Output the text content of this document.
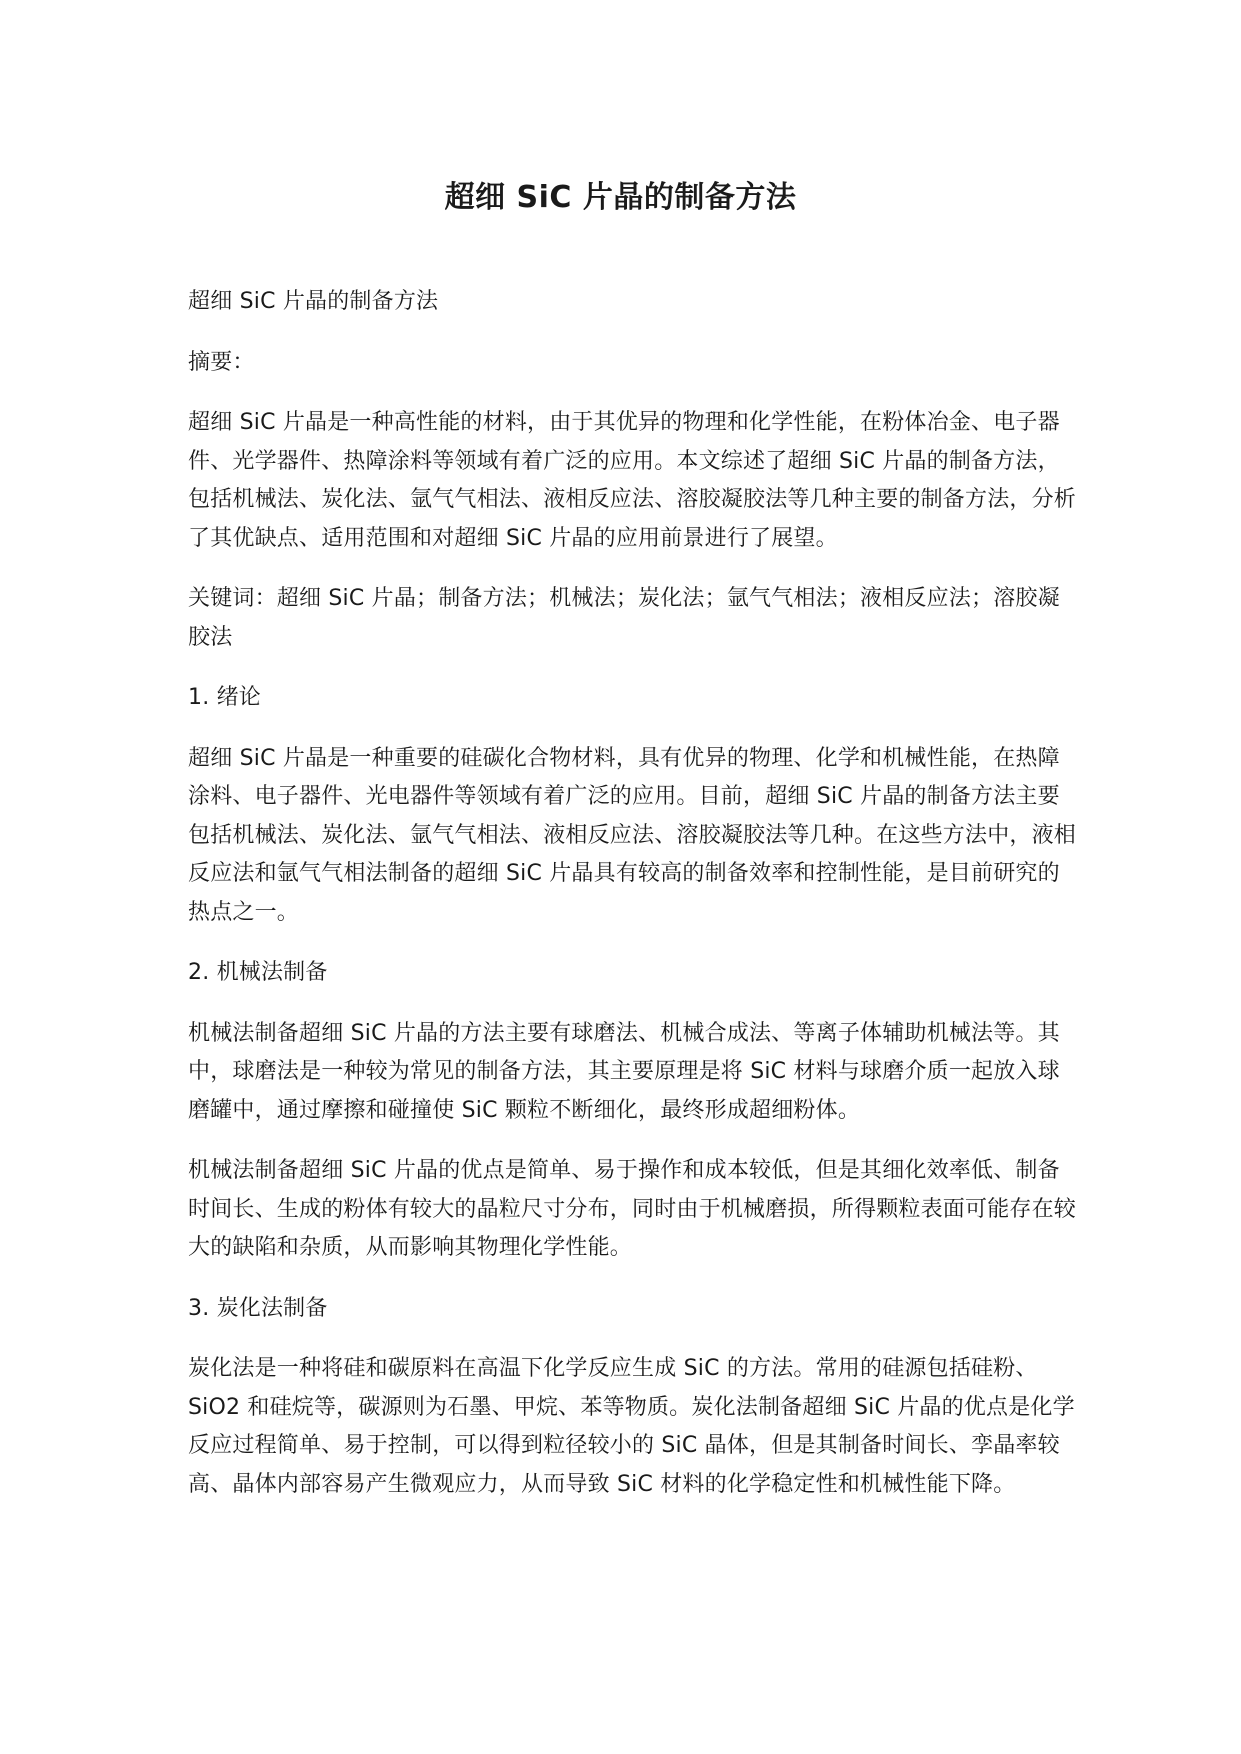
超细 SiC 片晶的制备方法

超细 SiC 片晶的制备方法

摘要：

超细 SiC 片晶是一种高性能的材料，由于其优异的物理和化学性能，在粉体冶金、电子器件、光学器件、热障涂料等领域有着广泛的应用。本文综述了超细 SiC 片晶的制备方法，包括机械法、炭化法、氩气气相法、液相反应法、溶胶凝胶法等几种主要的制备方法，分析了其优缺点、适用范围和对超细 SiC 片晶的应用前景进行了展望。

关键词：超细 SiC 片晶；制备方法；机械法；炭化法；氩气气相法；液相反应法；溶胶凝胶法

1. 绪论

超细 SiC 片晶是一种重要的硅碳化合物材料，具有优异的物理、化学和机械性能，在热障涂料、电子器件、光电器件等领域有着广泛的应用。目前，超细 SiC 片晶的制备方法主要包括机械法、炭化法、氩气气相法、液相反应法、溶胶凝胶法等几种。在这些方法中，液相反应法和氩气气相法制备的超细 SiC 片晶具有较高的制备效率和控制性能，是目前研究的热点之一。

2. 机械法制备

机械法制备超细 SiC 片晶的方法主要有球磨法、机械合成法、等离子体辅助机械法等。其中，球磨法是一种较为常见的制备方法，其主要原理是将 SiC 材料与球磨介质一起放入球磨罐中，通过摩擦和碰撞使 SiC 颗粒不断细化，最终形成超细粉体。

机械法制备超细 SiC 片晶的优点是简单、易于操作和成本较低，但是其细化效率低、制备时间长、生成的粉体有较大的晶粒尺寸分布，同时由于机械磨损，所得颗粒表面可能存在较大的缺陷和杂质，从而影响其物理化学性能。

3. 炭化法制备

炭化法是一种将硅和碳原料在高温下化学反应生成 SiC 的方法。常用的硅源包括硅粉、SiO2 和硅烷等，碳源则为石墨、甲烷、苯等物质。炭化法制备超细 SiC 片晶的优点是化学反应过程简单、易于控制，可以得到粒径较小的 SiC 晶体，但是其制备时间长、孪晶率较高、晶体内部容易产生微观应力，从而导致 SiC 材料的化学稳定性和机械性能下降。
